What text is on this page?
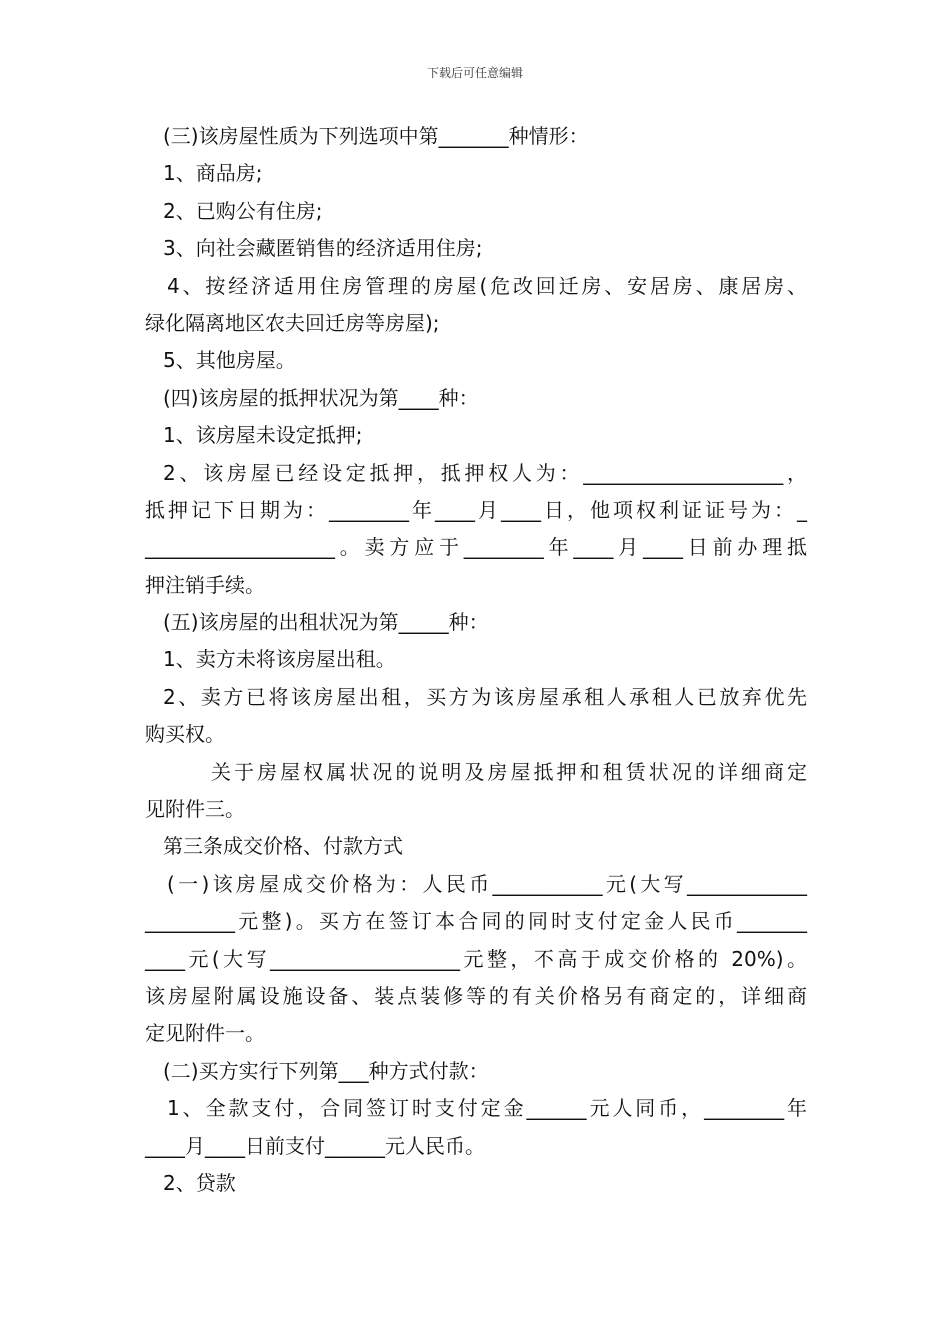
下载后可任意编辑
(三)该房屋性质为下列选项中第_______种情形：
1、商品房;
2、已购公有住房;
3、向社会藏匿销售的经济适用住房;
4、按经济适用住房管理的房屋(危改回迁房、安居房、康居房、
绿化隔离地区农夫回迁房等房屋);
5、其他房屋。
(四)该房屋的抵押状况为第____种：
1、该房屋未设定抵押;
2、该房屋已经设定抵押，抵押权人为：____________________，
抵押记下日期为：________年____月____日，他项权利证证号为：_
___________________。卖方应于________年____月____日前办理抵
押注销手续。
(五)该房屋的出租状况为第_____种：
1、卖方未将该房屋出租。
2、卖方已将该房屋出租，买方为该房屋承租人承租人已放弃优先
购买权。
关于房屋权属状况的说明及房屋抵押和租赁状况的详细商定
见附件三。
第三条成交价格、付款方式
(一)该房屋成交价格为：人民币___________元(大写____________
_________元整)。买方在签订本合同的同时支付定金人民币_______
____元(大写___________________元整，不高于成交价格的 20%)。
该房屋附属设施设备、装点装修等的有关价格另有商定的，详细商
定见附件一。
(二)买方实行下列第___种方式付款：
1、全款支付，合同签订时支付定金______元人同币，________年
____月____日前支付______元人民币。
2、贷款
